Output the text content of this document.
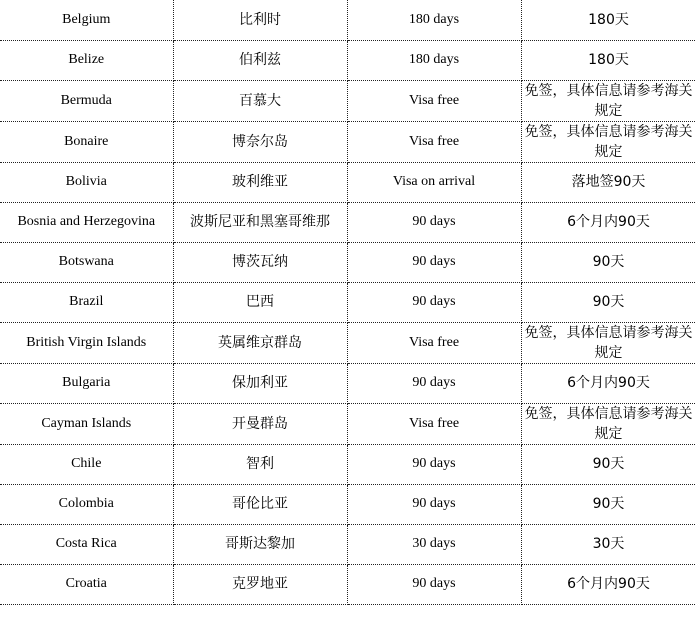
Belgium	比利时	180 days	180天
Belize	伯利兹	180 days	180天
Bermuda	百慕大	Visa free	免签，具体信息请参考海关规定
Bonaire	博奈尔岛	Visa free	免签，具体信息请参考海关规定
Bolivia	玻利维亚	Visa on arrival	落地签90天
Bosnia and Herzegovina	波斯尼亚和黑塞哥维那	90 days	6个月内90天
Botswana	博茨瓦纳	90 days	90天
Brazil	巴西	90 days	90天
British Virgin Islands	英属维京群岛	Visa free	免签，具体信息请参考海关规定
Bulgaria	保加利亚	90 days	6个月内90天
Cayman Islands	开曼群岛	Visa free	免签，具体信息请参考海关规定
Chile	智利	90 days	90天
Colombia	哥伦比亚	90 days	90天
Costa Rica	哥斯达黎加	30 days	30天
Croatia	克罗地亚	90 days	6个月内90天
